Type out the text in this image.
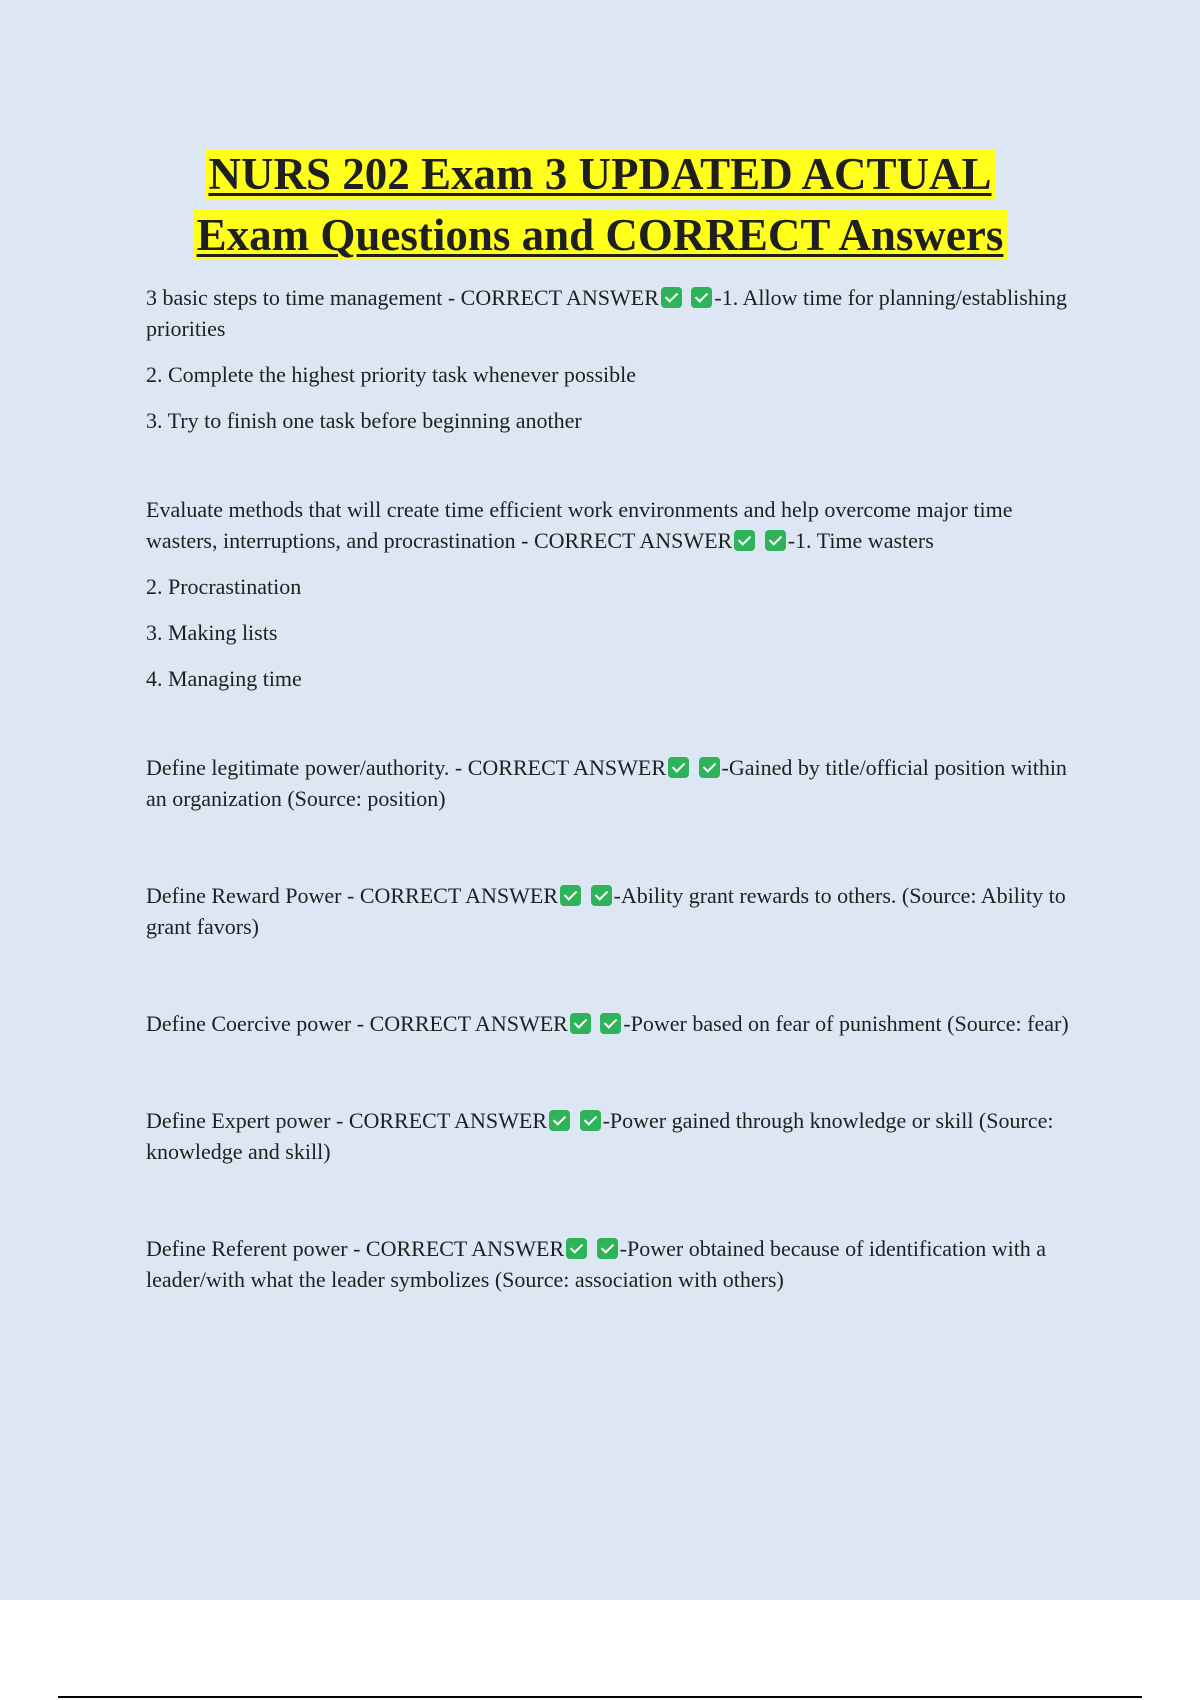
NURS 202 Exam 3 UPDATED ACTUAL
Exam Questions and CORRECT Answers

3 basic steps to time management - CORRECT ANSWER	-1. Allow time for planning/establishing priorities

2. Complete the highest priority task whenever possible

3. Try to finish one task before beginning another

Evaluate methods that will create time efficient work environments and help overcome major time wasters, interruptions, and procrastination - CORRECT ANSWER	-1. Time wasters

2. Procrastination

3. Making lists

4. Managing time

Define legitimate power/authority. - CORRECT ANSWER	-Gained by title/official position within an organization (Source: position)

Define Reward Power - CORRECT ANSWER	-Ability grant rewards to others. (Source: Ability to grant favors)

Define Coercive power - CORRECT ANSWER	-Power based on fear of punishment (Source: fear)

Define Expert power - CORRECT ANSWER	-Power gained through knowledge or skill (Source: knowledge and skill)

Define Referent power - CORRECT ANSWER	-Power obtained because of identification with a leader/with what the leader symbolizes (Source: association with others)
